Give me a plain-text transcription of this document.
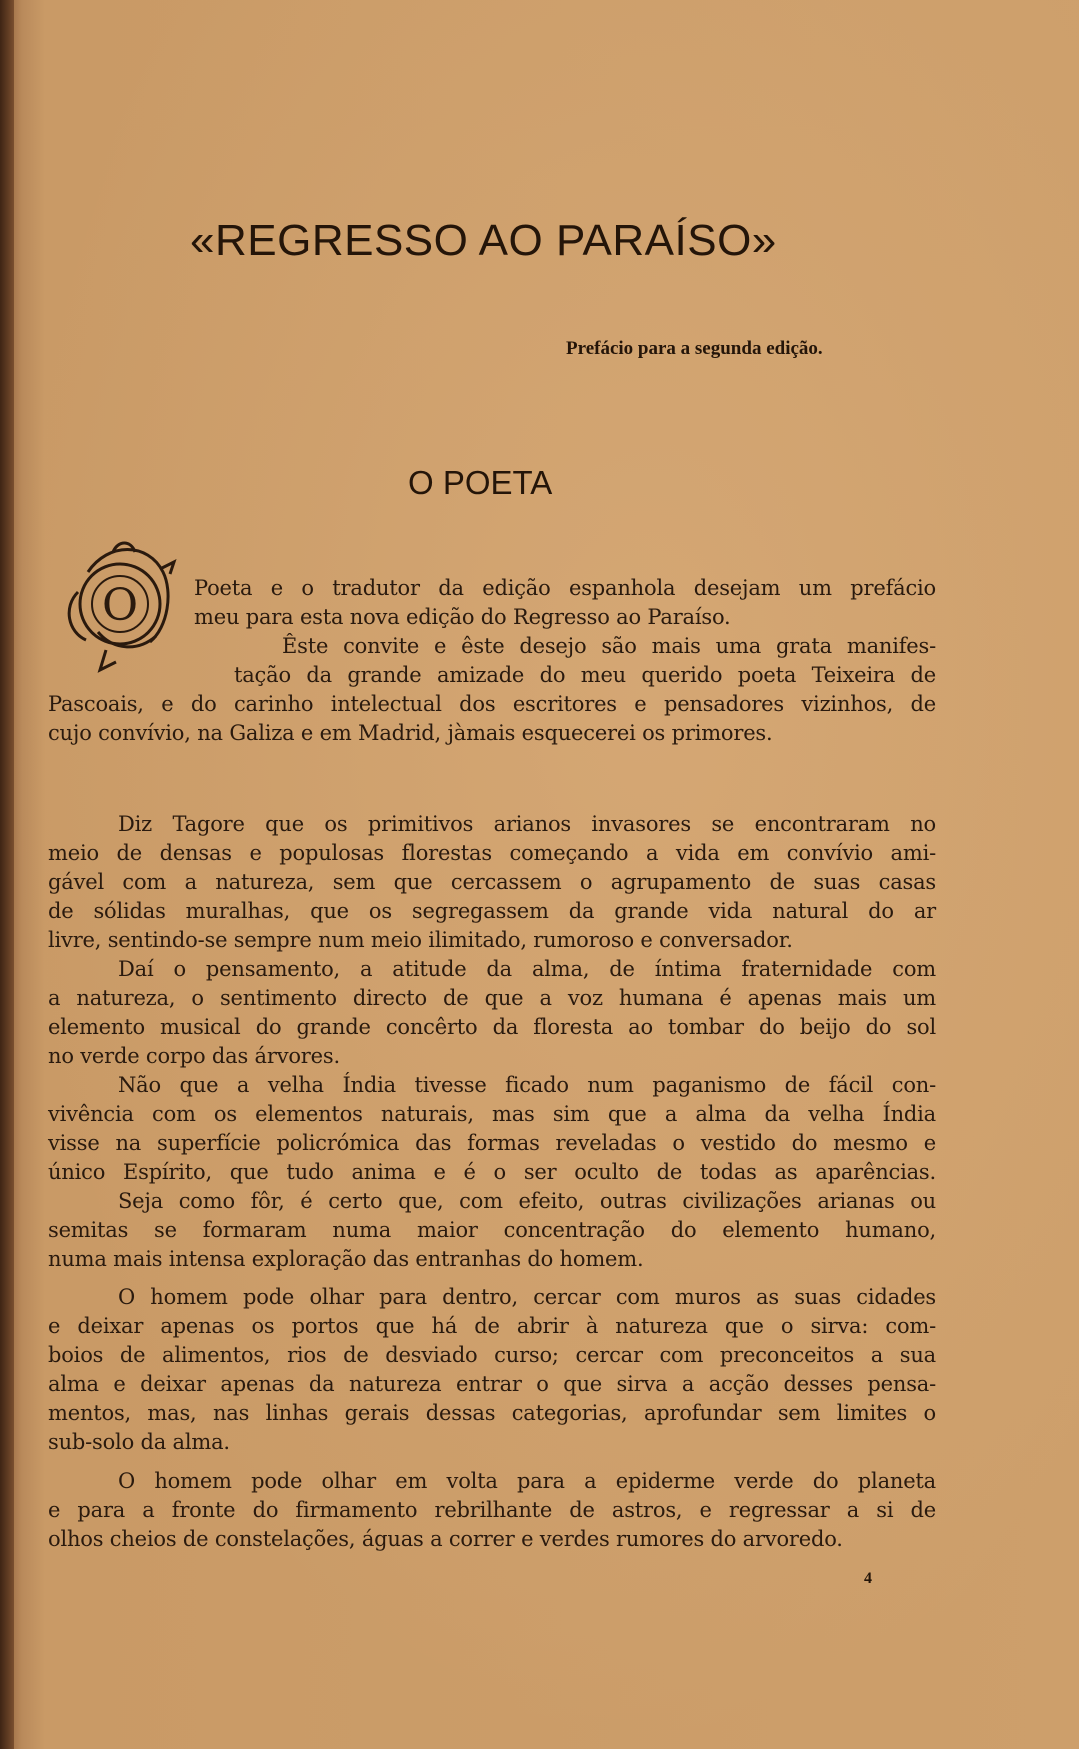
«REGRESSO AO PARAÍSO»
Prefácio para a segunda edição.
O POETA
O	Poeta e o tradutor da edição espanhola desejam um prefácio
meu para esta nova edição do Regresso ao Paraíso.
Êste convite e êste desejo são mais uma grata manifes-
tação da grande amizade do meu querido poeta Teixeira de
Pascoais, e do carinho intelectual dos escritores e pensadores vizinhos, de
cujo convívio, na Galiza e em Madrid, jàmais esquecerei os primores.
Diz Tagore que os primitivos arianos invasores se encontraram no
meio de densas e populosas florestas começando a vida em convívio ami-
gável com a natureza, sem que cercassem o agrupamento de suas casas
de sólidas muralhas, que os segregassem da grande vida natural do ar
livre, sentindo-se sempre num meio ilimitado, rumoroso e conversador.
Daí o pensamento, a atitude da alma, de íntima fraternidade com
a natureza, o sentimento directo de que a voz humana é apenas mais um
elemento musical do grande concêrto da floresta ao tombar do beijo do sol
no verde corpo das árvores.
Não que a velha Índia tivesse ficado num paganismo de fácil con-
vivência com os elementos naturais, mas sim que a alma da velha Índia
visse na superfície policrómica das formas reveladas o vestido do mesmo e
único Espírito, que tudo anima e é o ser oculto de todas as aparências.
Seja como fôr, é certo que, com efeito, outras civilizações arianas ou
semitas se formaram numa maior concentração do elemento humano,
numa mais intensa exploração das entranhas do homem.
O homem pode olhar para dentro, cercar com muros as suas cidades
e deixar apenas os portos que há de abrir à natureza que o sirva: com-
boios de alimentos, rios de desviado curso; cercar com preconceitos a sua
alma e deixar apenas da natureza entrar o que sirva a acção desses pensa-
mentos, mas, nas linhas gerais dessas categorias, aprofundar sem limites o
sub-solo da alma.
O homem pode olhar em volta para a epiderme verde do planeta
e para a fronte do firmamento rebrilhante de astros, e regressar a si de
olhos cheios de constelações, águas a correr e verdes rumores do arvoredo.
4
